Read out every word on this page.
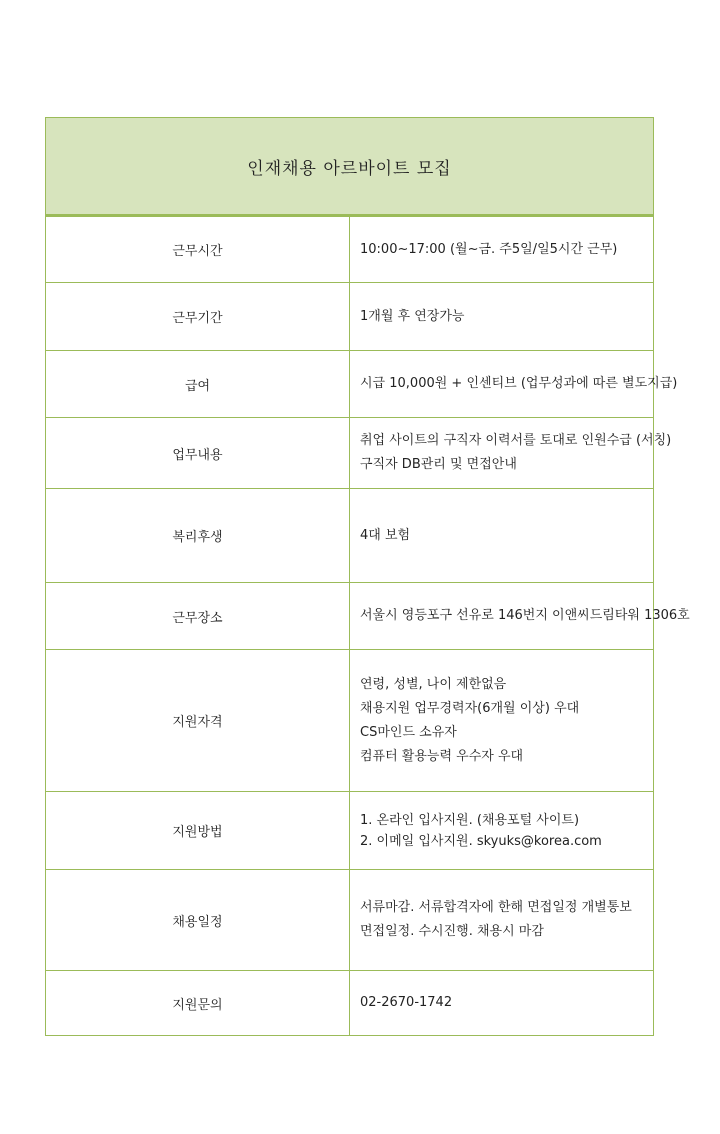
인재채용 아르바이트 모집	
근무시간	10:00~17:00 (월~금. 주5일/일5시간 근무)

근무기간	1개월 후 연장가능

급여	시급 10,000원 + 인센티브 (업무성과에 따른 별도지급)

업무내용	취업 사이트의 구직자 이력서를 토대로 인원수급 (서칭)
구직자 DB관리 및 면접안내

복리후생	4대 보험

근무장소	서울시 영등포구 선유로 146번지 이앤씨드림타워 1306호

지원자격	연령, 성별, 나이 제한없음
채용지원 업무경력자(6개월 이상) 우대
CS마인드 소유자
컴퓨터 활용능력 우수자 우대

지원방법	1. 온라인 입사지원. (채용포털 사이트)
2. 이메일 입사지원. skyuks@korea.com

채용일정	서류마감. 서류합격자에 한해 면접일정 개별통보
면접일정. 수시진행. 채용시 마감

지원문의	02-2670-1742
